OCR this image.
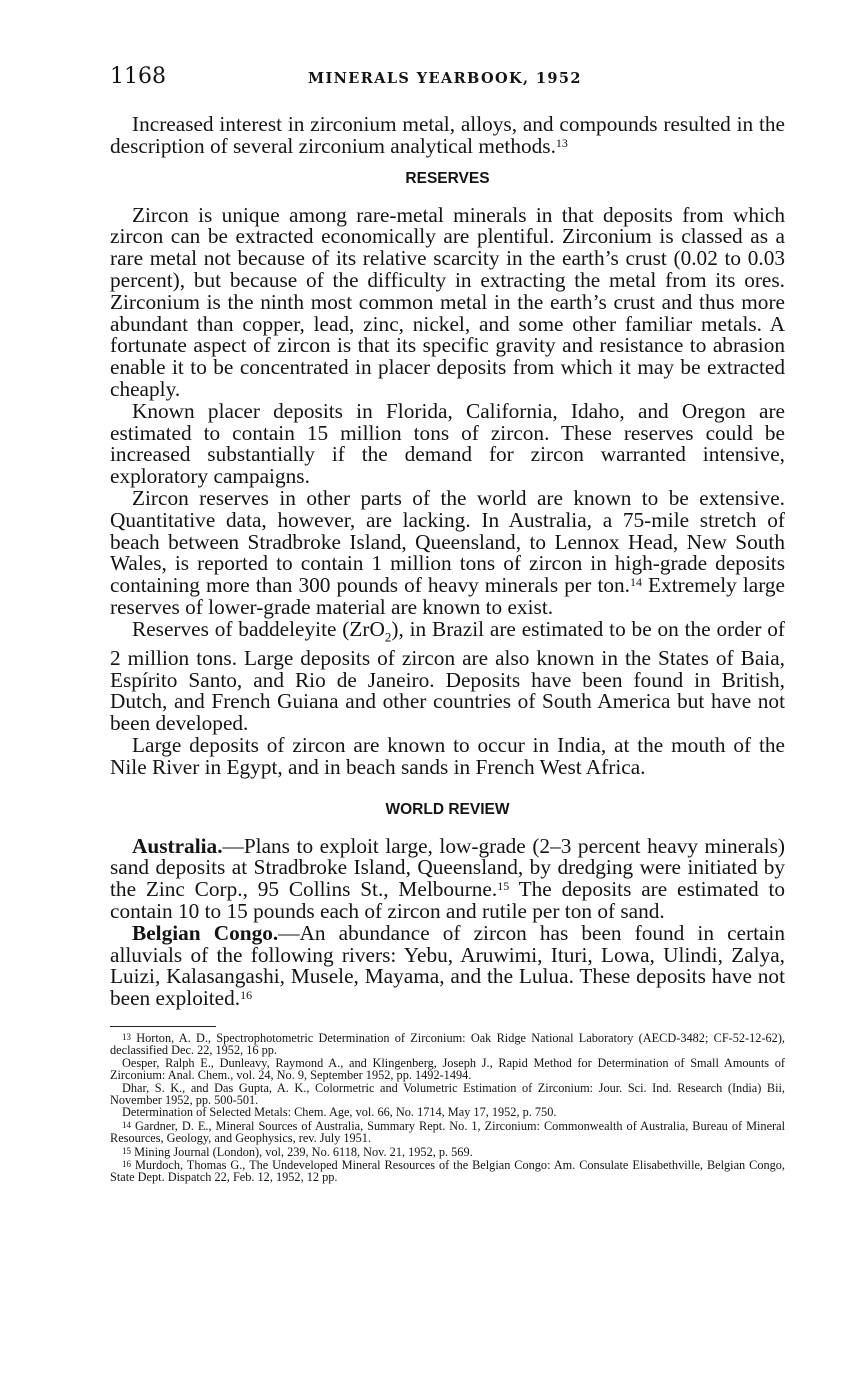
1168	MINERALS YEARBOOK, 1952

Increased interest in zirconium metal, alloys, and compounds resulted in the description of several zirconium analytical methods.$^{13}$

RESERVES

Zircon is unique among rare-metal minerals in that deposits from which zircon can be extracted economically are plentiful. Zirconium is classed as a rare metal not because of its relative scarcity in the earth’s crust (0.02 to 0.03 percent), but because of the difficulty in extracting the metal from its ores. Zirconium is the ninth most common metal in the earth’s crust and thus more abundant than copper, lead, zinc, nickel, and some other familiar metals. A fortunate aspect of zircon is that its specific gravity and resistance to abrasion enable it to be concentrated in placer deposits from which it may be extracted cheaply.

Known placer deposits in Florida, California, Idaho, and Oregon are estimated to contain 15 million tons of zircon. These reserves could be increased substantially if the demand for zircon warranted intensive, exploratory campaigns.

Zircon reserves in other parts of the world are known to be extensive. Quantitative data, however, are lacking. In Australia, a 75-mile stretch of beach between Stradbroke Island, Queensland, to Lennox Head, New South Wales, is reported to contain 1 million tons of zircon in high-grade deposits containing more than 300 pounds of heavy minerals per ton.$^{14}$ Extremely large reserves of lower-grade material are known to exist.

Reserves of baddeleyite (ZrO$_2$), in Brazil are estimated to be on the order of 2 million tons. Large deposits of zircon are also known in the States of Baia, Espírito Santo, and Rio de Janeiro. Deposits have been found in British, Dutch, and French Guiana and other countries of South America but have not been developed.

Large deposits of zircon are known to occur in India, at the mouth of the Nile River in Egypt, and in beach sands in French West Africa.

WORLD REVIEW

Australia.—Plans to exploit large, low-grade (2–3 percent heavy minerals) sand deposits at Stradbroke Island, Queensland, by dredging were initiated by the Zinc Corp., 95 Collins St., Melbourne.$^{15}$ The deposits are estimated to contain 10 to 15 pounds each of zircon and rutile per ton of sand.

Belgian Congo.—An abundance of zircon has been found in certain alluvials of the following rivers: Yebu, Aruwimi, Ituri, Lowa, Ulindi, Zalya, Luizi, Kalasangashi, Musele, Mayama, and the Lulua. These deposits have not been exploited.$^{16}$

13 Horton, A. D., Spectrophotometric Determination of Zirconium: Oak Ridge National Laboratory (AECD-3482; CF-52-12-62), declassified Dec. 22, 1952, 16 pp.

Oesper, Ralph E., Dunleavy, Raymond A., and Klingenberg, Joseph J., Rapid Method for Determination of Small Amounts of Zirconium: Anal. Chem., vol. 24, No. 9, September 1952, pp. 1492-1494.

Dhar, S. K., and Das Gupta, A. K., Colormetric and Volumetric Estimation of Zirconium: Jour. Sci. Ind. Research (India) Bii, November 1952, pp. 500-501.

Determination of Selected Metals: Chem. Age, vol. 66, No. 1714, May 17, 1952, p. 750.

14 Gardner, D. E., Mineral Sources of Australia, Summary Rept. No. 1, Zirconium: Commonwealth of Australia, Bureau of Mineral Resources, Geology, and Geophysics, rev. July 1951.

15 Mining Journal (London), vol, 239, No. 6118, Nov. 21, 1952, p. 569.

16 Murdoch, Thomas G., The Undeveloped Mineral Resources of the Belgian Congo: Am. Consulate Elisabethville, Belgian Congo, State Dept. Dispatch 22, Feb. 12, 1952, 12 pp.
